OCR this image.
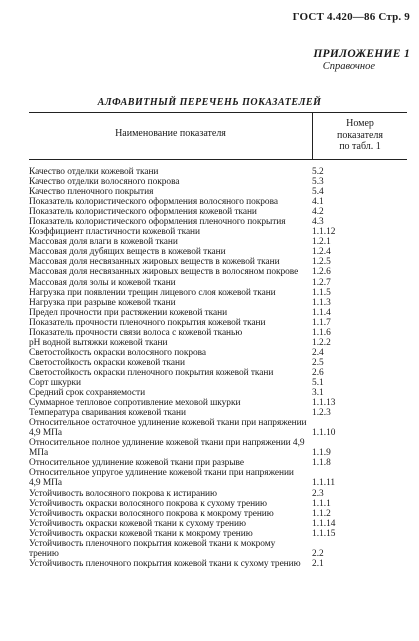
ГОСТ 4.420—86 Стр. 9
ПРИЛОЖЕНИЕ 1
Справочное
АЛФАВИТНЫЙ ПЕРЕЧЕНЬ ПОКАЗАТЕЛЕЙ
Наименование показателя
Номер
показателя
по табл. 1
Качество отделки кожевой ткани	5.2
Качество отделки волосяного покрова	5.3
Качество пленочного покрытия	5.4
Показатель колористического оформления волосяного покрова	4.1
Показатель колористического оформления кожевой ткани	4.2
Показатель колористического оформления пленочного покрытия	4.3
Коэффициент пластичности кожевой ткани	1.1.12
Массовая доля влаги в кожевой ткани	1.2.1
Массовая доля дубящих веществ в кожевой ткани	1.2.4
Массовая доля несвязанных жировых веществ в кожевой ткани	1.2.5
Массовая доля несвязанных жировых веществ в волосяном покрове	1.2.6
Массовая доля золы и кожевой ткани	1.2.7
Нагрузка при появлении трещин лицевого слоя кожевой ткани	1.1.5
Нагрузка при разрыве кожевой ткани	1.1.3
Предел прочности при растяжении кожевой ткани	1.1.4
Показатель прочности пленочного покрытия кожевой ткани	1.1.7
Показатель прочности связи волоса с кожевой тканью	1.1.6
pH водной вытяжки кожевой ткани	1.2.2
Светостойкость окраски волосяного покрова	2.4
Светостойкость окраски кожевой ткани	2.5
Светостойкость окраски пленочного покрытия кожевой ткани	2.6
Сорт шкурки	5.1
Средний срок сохраняемости	3.1
Суммарное тепловое сопротивление меховой шкурки	1.1.13
Температура сваривания кожевой ткани	1.2.3
Относительное остаточное удлинение кожевой ткани при напряжении 4,9 МПа	1.1.10
Относительное полное удлинение кожевой ткани при напряжении 4,9 МПа	1.1.9
Относительное удлинение кожевой ткани при разрыве	1.1.8
Относительное упругое удлинение кожевой ткани при напряжении 4,9 МПа	1.1.11
Устойчивость волосяного покрова к истиранию	2.3
Устойчивость окраски волосяного покрова к сухому трению	1.1.1
Устойчивость окраски волосяного покрова к мокрому трению	1.1.2
Устойчивость окраски кожевой ткани к сухому трению	1.1.14
Устойчивость окраски кожевой ткани к мокрому трению	1.1.15
Устойчивость пленочного покрытия кожевой ткани к мокрому трению	2.2
Устойчивость пленочного покрытия кожевой ткани к сухому трению	2.1
